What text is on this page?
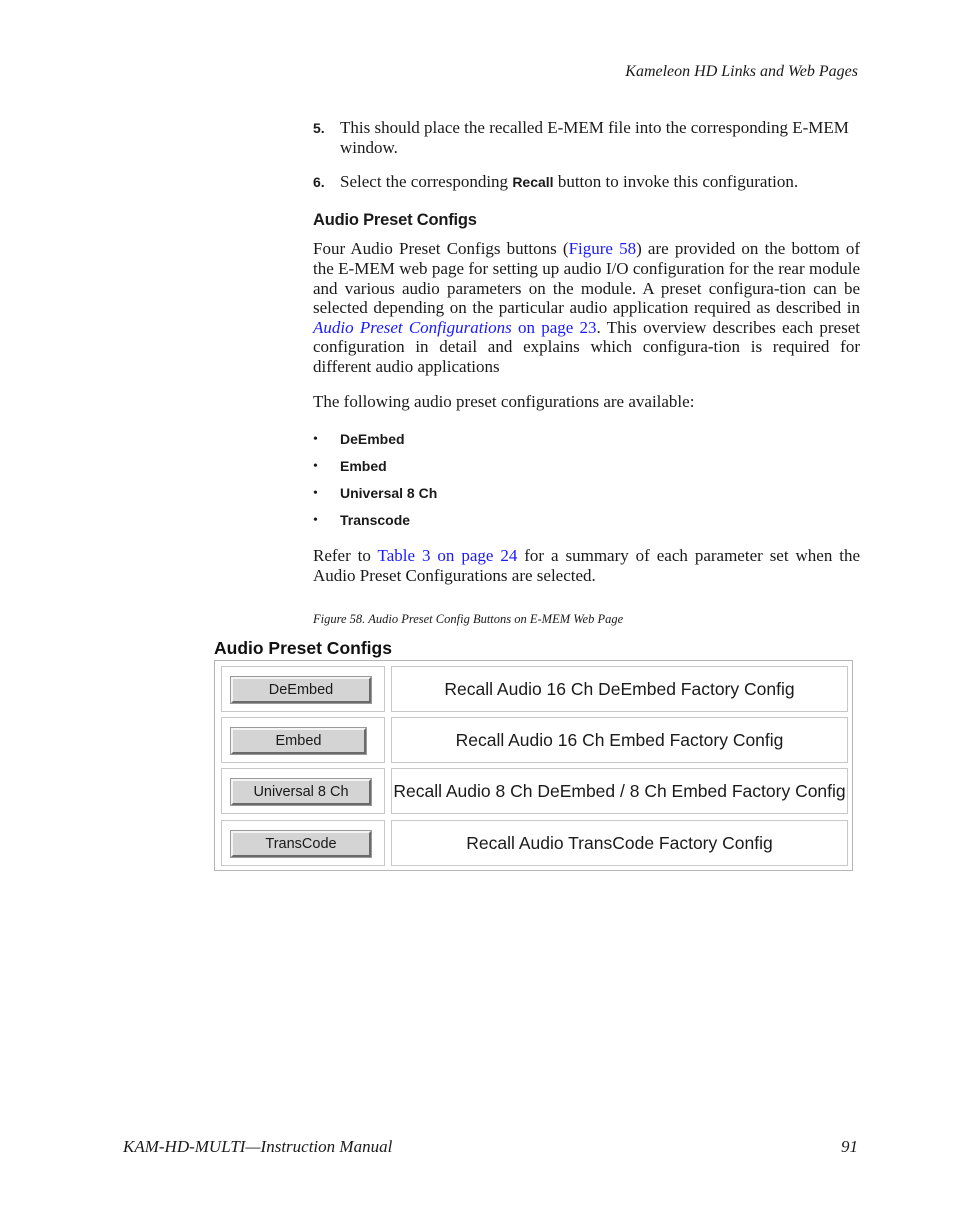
Kameleon HD Links and Web Pages
5. This should place the recalled E-MEM file into the corresponding E-MEM window.
6. Select the corresponding Recall button to invoke this configuration.
Audio Preset Configs

Four Audio Preset Configs buttons (Figure 58) are provided on the bottom of the E-MEM web page for setting up audio I/O configuration for the rear module and various audio parameters on the module. A preset configura-tion can be selected depending on the particular audio application required as described in Audio Preset Configurations on page 23. This overview describes each preset configuration in detail and explains which configura-tion is required for different audio applications

The following audio preset configurations are available:

•	DeEmbed
•	Embed
•	Universal 8 Ch
•	Transcode

Refer to Table 3 on page 24 for a summary of each parameter set when the Audio Preset Configurations are selected.

Figure 58. Audio Preset Config Buttons on E-MEM Web Page
Audio Preset Configs
DeEmbed	Recall Audio 16 Ch DeEmbed Factory Config
Embed	Recall Audio 16 Ch Embed Factory Config
Universal 8 Ch	Recall Audio 8 Ch DeEmbed / 8 Ch Embed Factory Config
TransCode	Recall Audio TransCode Factory Config
KAM-HD-MULTI—Instruction Manual	91
